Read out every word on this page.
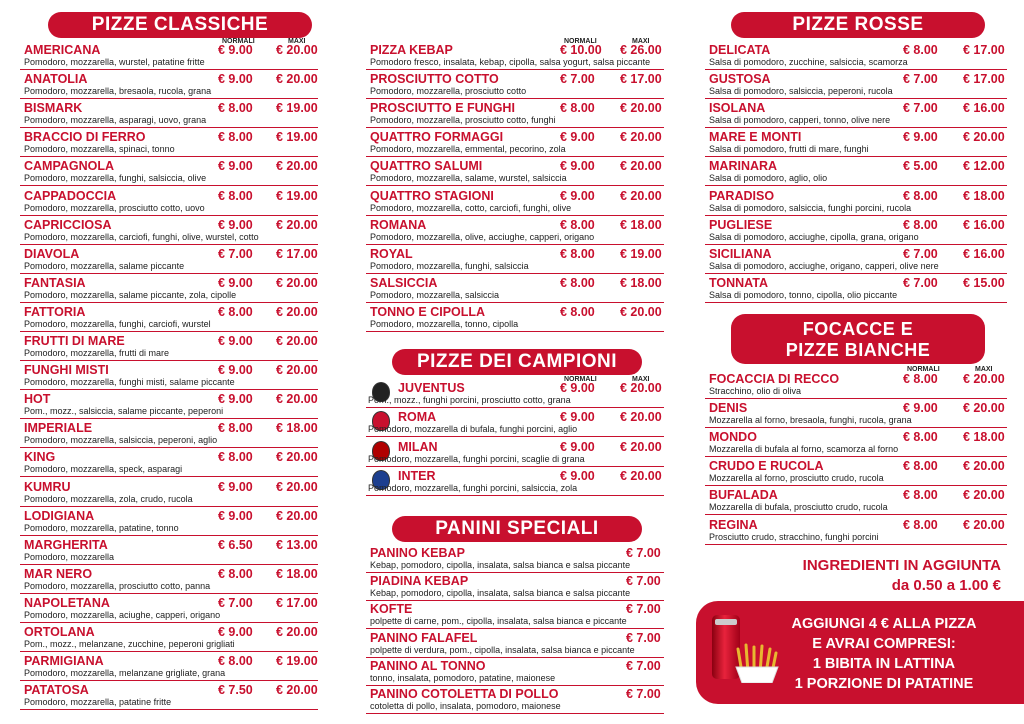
PIZZE CLASSICHE
NORMALI	MAXI
AMERICANA
Pomodoro, mozzarella, wurstel, patatine fritte
€ 9.00 € 20.00
ANATOLIA
Pomodoro, mozzarella, bresaola, rucola, grana
€ 9.00 € 20.00
BISMARK
Pomodoro, mozzarella, asparagi, uovo, grana
€ 8.00 € 19.00
BRACCIO DI FERRO
Pomodoro, mozzarella, spinaci, tonno
€ 8.00 € 19.00
CAMPAGNOLA
Pomodoro, mozzarella, funghi, salsiccia, olive
€ 9.00 € 20.00
CAPPADOCCIA
Pomodoro, mozzarella, prosciutto cotto, uovo
€ 8.00 € 19.00
CAPRICCIOSA
Pomodoro, mozzarella, carciofi, funghi, olive, wurstel, cotto
€ 9.00 € 20.00
DIAVOLA
Pomodoro, mozzarella, salame piccante
€ 7.00 € 17.00
FANTASIA
Pomodoro, mozzarella, salame piccante, zola, cipolle
€ 9.00 € 20.00
FATTORIA
Pomodoro, mozzarella, funghi, carciofi, wurstel
€ 8.00 € 20.00
FRUTTI DI MARE
Pomodoro, mozzarella, frutti di mare
€ 9.00 € 20.00
FUNGHI MISTI
Pomodoro, mozzarella, funghi misti, salame piccante
€ 9.00 € 20.00
HOT
Pom., mozz., salsiccia, salame piccante, peperoni
€ 9.00 € 20.00
IMPERIALE
Pomodoro, mozzarella, salsiccia, peperoni, aglio
€ 8.00 € 18.00
KING
Pomodoro, mozzarella, speck, asparagi
€ 8.00 € 20.00
KUMRU
Pomodoro, mozzarella, zola, crudo, rucola
€ 9.00 € 20.00
LODIGIANA
Pomodoro, mozzarella, patatine, tonno
€ 9.00 € 20.00
MARGHERITA
Pomodoro, mozzarella
€ 6.50 € 13.00
MAR NERO
Pomodoro, mozzarella, prosciutto cotto, panna
€ 8.00 € 18.00
NAPOLETANA
Pomodoro, mozzarella, aciughe, capperi, origano
€ 7.00 € 17.00
ORTOLANA
Pom., mozz., melanzane, zucchine, peperoni grigliati
€ 9.00 € 20.00
PARMIGIANA
Pomodoro, mozzarella, melanzane grigliate, grana
€ 8.00 € 19.00
PATATOSA
Pomodoro, mozzarella, patatine fritte
€ 7.50 € 20.00
NORMALI	MAXI
PIZZA KEBAP
Pomodoro fresco, insalata, kebap, cipolla, salsa yogurt, salsa piccante
€ 10.00 € 26.00
PROSCIUTTO COTTO
Pomodoro, mozzarella, prosciutto cotto
€ 7.00 € 17.00
PROSCIUTTO E FUNGHI
Pomodoro, mozzarella, prosciutto cotto, funghi
€ 8.00 € 20.00
QUATTRO FORMAGGI
Pomodoro, mozzarella, emmental, pecorino, zola
€ 9.00 € 20.00
QUATTRO SALUMI
Pomodoro, mozzarella, salame, wurstel, salsiccia
€ 9.00 € 20.00
QUATTRO STAGIONI
Pomodoro, mozzarella, cotto, carciofi, funghi, olive
€ 9.00 € 20.00
ROMANA
Pomodoro, mozzarella, olive, acciughe, capperi, origano
€ 8.00 € 18.00
ROYAL
Pomodoro, mozzarella, funghi, salsiccia
€ 8.00 € 19.00
SALSICCIA
Pomodoro, mozzarella, salsiccia
€ 8.00 € 18.00
TONNO E CIPOLLA
Pomodoro, mozzarella, tonno, cipolla
€ 8.00 € 20.00
PIZZE DEI CAMPIONI
NORMALI	MAXI
JUVENTUS
Pom., mozz., funghi porcini, prosciutto cotto, grana
€ 9.00 € 20.00
ROMA
Pomodoro, mozzarella di bufala, funghi porcini, aglio
€ 9.00 € 20.00
MILAN
Pomodoro, mozzarella, funghi porcini, scaglie di grana
€ 9.00 € 20.00
INTER
Pomodoro, mozzarella, funghi porcini, salsiccia, zola
€ 9.00 € 20.00
PANINI SPECIALI
PANINO KEBAP
Kebap, pomodoro, cipolla, insalata, salsa bianca e salsa piccante
€ 7.00
PIADINA KEBAP
Kebap, pomodoro, cipolla, insalata, salsa bianca e salsa piccante
€ 7.00
KOFTE
polpette di carne, pom., cipolla, insalata, salsa bianca e piccante
€ 7.00
PANINO FALAFEL
polpette di verdura, pom., cipolla, insalata, salsa bianca e piccante
€ 7.00
PANINO AL TONNO
tonno, insalata, pomodoro, patatine, maionese
€ 7.00
PANINO COTOLETTA DI POLLO
cotoletta di pollo, insalata, pomodoro, maionese
€ 7.00
PIZZE ROSSE
DELICATA
Salsa di pomodoro, zucchine, salsiccia, scamorza
€ 8.00 € 17.00
GUSTOSA
Salsa di pomodoro, salsiccia, peperoni, rucola
€ 7.00 € 17.00
ISOLANA
Salsa di pomodoro, capperi, tonno, olive nere
€ 7.00 € 16.00
MARE E MONTI
Salsa di pomodoro, frutti di mare, funghi
€ 9.00 € 20.00
MARINARA
Salsa di pomodoro, aglio, olio
€ 5.00 € 12.00
PARADISO
Salsa di pomodoro, salsiccia, funghi porcini, rucola
€ 8.00 € 18.00
PUGLIESE
Salsa di pomodoro, acciughe, cipolla, grana, origano
€ 8.00 € 16.00
SICILIANA
Salsa di pomodoro, acciughe, origano, capperi, olive nere
€ 7.00 € 16.00
TONNATA
Salsa di pomodoro, tonno, cipolla, olio piccante
€ 7.00 € 15.00
FOCACCE E
PIZZE BIANCHE
NORMALI	MAXI
FOCACCIA DI RECCO
Stracchino, olio di oliva
€ 8.00 € 20.00
DENIS
Mozzarella al forno, bresaola, funghi, rucola, grana
€ 9.00 € 20.00
MONDO
Mozzarella di bufala al forno, scamorza al forno
€ 8.00 € 18.00
CRUDO E RUCOLA
Mozzarella al forno, prosciutto crudo, rucola
€ 8.00 € 20.00
BUFALADA
Mozzarella di bufala, prosciutto crudo, rucola
€ 8.00 € 20.00
REGINA
Prosciutto crudo, stracchino, funghi porcini
€ 8.00 € 20.00
INGREDIENTI IN AGGIUNTA
da 0.50 a 1.00 €
AGGIUNGI 4 € ALLA PIZZA
E AVRAI COMPRESI:
1 BIBITA IN LATTINA
1 PORZIONE DI PATATINE
